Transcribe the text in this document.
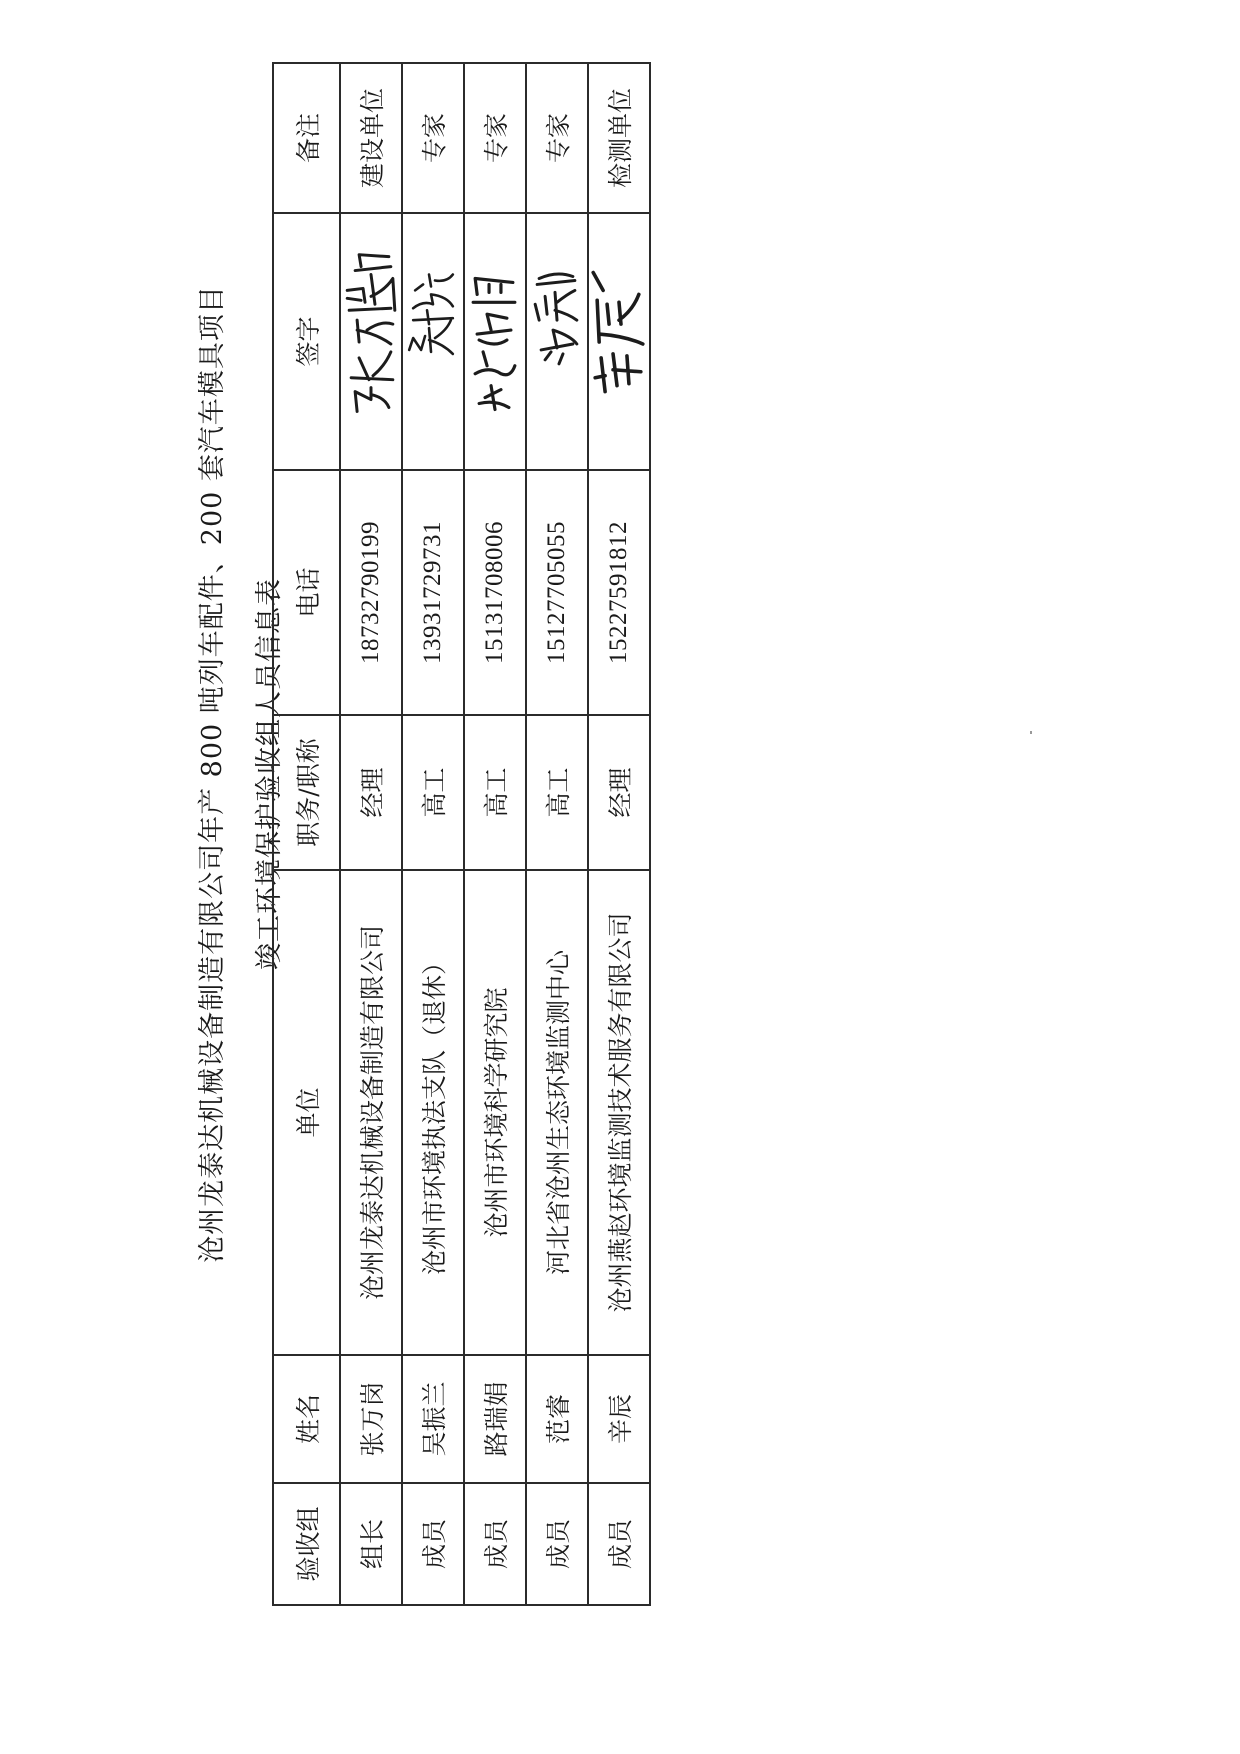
沧州龙泰达机械设备制造有限公司年产 800 吨列车配件、200 套汽车模具项目 竣工环境保护验收组人员信息表
验收组	姓名	单位	职务/职称	电话	签字	备注
组长	张万岗	沧州龙泰达机械设备制造有限公司	经理	18732790199		建设单位
成员	吴振兰	沧州市环境执法支队（退休）	高工	13931729731		专家
成员	路瑞娟	沧州市环境科学研究院	高工	15131708006		专家
成员	范睿	河北省沧州生态环境监测中心	高工	15127705055		专家
成员	辛辰	沧州燕赵环境监测技术服务有限公司	经理	15227591812		检测单位
